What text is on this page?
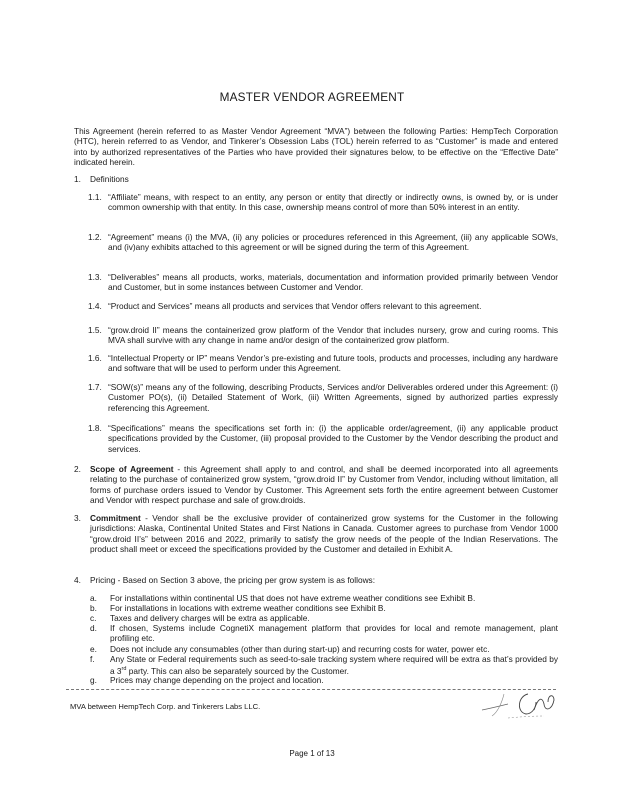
MASTER VENDOR AGREEMENT
This Agreement (herein referred to as Master Vendor Agreement “MVA”) between the following Parties: HempTech Corporation (HTC), herein referred to as Vendor, and Tinkerer’s Obsession Labs (TOL) herein referred to as “Customer” is made and entered into by authorized representatives of the Parties who have provided their signatures below, to be effective on the “Effective Date” indicated herein.
1. Definitions
1.1. “Affiliate” means, with respect to an entity, any person or entity that directly or indirectly owns, is owned by, or is under common ownership with that entity. In this case, ownership means control of more than 50% interest in an entity.
1.2. “Agreement” means (i) the MVA, (ii) any policies or procedures referenced in this Agreement, (iii) any applicable SOWs, and (iv)any exhibits attached to this agreement or will be signed during the term of this Agreement.
1.3. “Deliverables” means all products, works, materials, documentation and information provided primarily between Vendor and Customer, but in some instances between Customer and Vendor.
1.4. “Product and Services” means all products and services that Vendor offers relevant to this agreement.
1.5. “grow.droid II” means the containerized grow platform of the Vendor that includes nursery, grow and curing rooms. This MVA shall survive with any change in name and/or design of the containerized grow platform.
1.6. “Intellectual Property or IP” means Vendor’s pre-existing and future tools, products and processes, including any hardware and software that will be used to perform under this Agreement.
1.7. “SOW(s)” means any of the following, describing Products, Services and/or Deliverables ordered under this Agreement: (i) Customer PO(s), (ii) Detailed Statement of Work, (iii) Written Agreements, signed by authorized parties expressly referencing this Agreement.
1.8. “Specifications” means the specifications set forth in: (i) the applicable order/agreement, (ii) any applicable product specifications provided by the Customer, (iii) proposal provided to the Customer by the Vendor describing the product and services.
2. Scope of Agreement - this Agreement shall apply to and control, and shall be deemed incorporated into all agreements relating to the purchase of containerized grow system, “grow.droid II” by Customer from Vendor, including without limitation, all forms of purchase orders issued to Vendor by Customer. This Agreement sets forth the entire agreement between Customer and Vendor with respect purchase and sale of grow.droids.
3. Commitment - Vendor shall be the exclusive provider of containerized grow systems for the Customer in the following jurisdictions: Alaska, Continental United States and First Nations in Canada. Customer agrees to purchase from Vendor 1000 “grow.droid II’s” between 2016 and 2022, primarily to satisfy the grow needs of the people of the Indian Reservations. The product shall meet or exceed the specifications provided by the Customer and detailed in Exhibit A.
4. Pricing - Based on Section 3 above, the pricing per grow system is as follows:
a. For installations within continental US that does not have extreme weather conditions see Exhibit B.
b. For installations in locations with extreme weather conditions see Exhibit B.
c. Taxes and delivery charges will be extra as applicable.
d. If chosen, Systems include CognetiX management platform that provides for local and remote management, plant profiling etc.
e. Does not include any consumables (other than during start-up) and recurring costs for water, power etc.
f. Any State or Federal requirements such as seed-to-sale tracking system where required will be extra as that’s provided by a 3rd party. This can also be separately sourced by the Customer.
g. Prices may change depending on the project and location.
MVA between HempTech Corp. and Tinkerers Labs LLC.
Page 1 of 13
